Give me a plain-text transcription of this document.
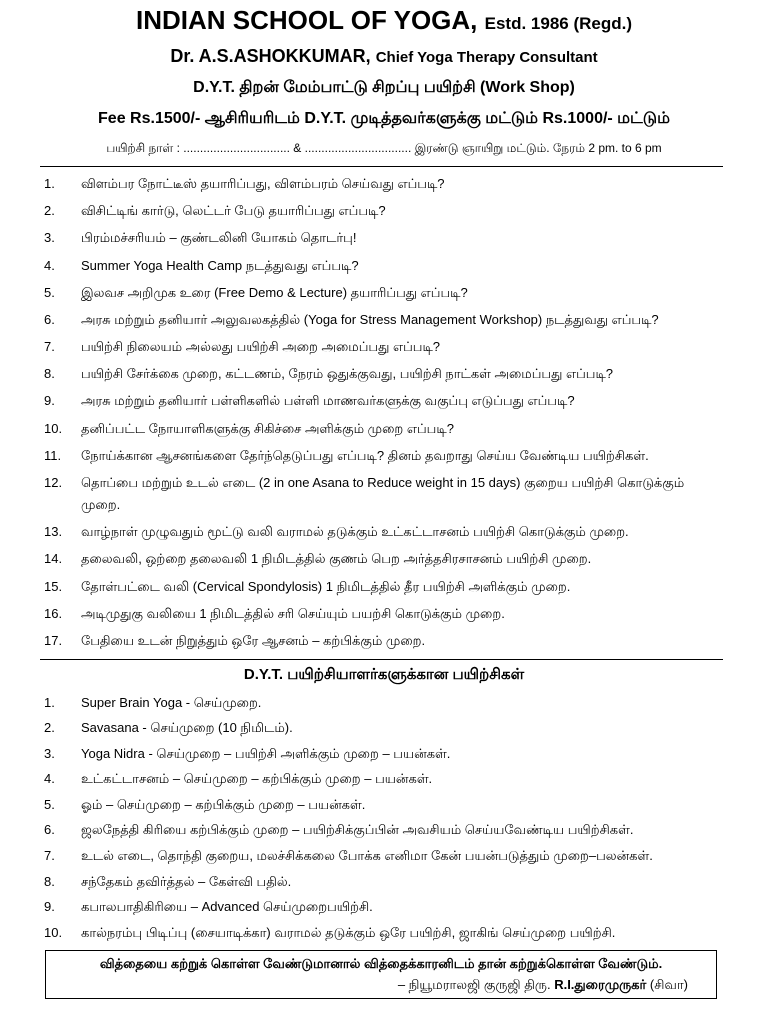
INDIAN SCHOOL OF YOGA, Estd. 1986 (Regd.)
Dr. A.S.ASHOKKUMAR, Chief Yoga Therapy Consultant
D.Y.T. திறன் மேம்பாட்டு சிறப்பு பயிற்சி (Work Shop)
Fee Rs.1500/- ஆசிரியரிடம் D.Y.T. முடித்தவர்களுக்கு மட்டும் Rs.1000/- மட்டும்
பயிற்சி நாள் : ................................ & ................................ இரண்டு ஞாயிறு மட்டும். நேரம் 2 pm. to 6 pm
1. விளம்பர நோட்டீஸ் தயாரிப்பது, விளம்பரம் செய்வது எப்படி?
2. விசிட்டிங் கார்டு, லெட்டர் பேடு தயாரிப்பது எப்படி?
3. பிரம்மச்சரியம் – குண்டலினி யோகம் தொடர்பு!
4. Summer Yoga Health Camp நடத்துவது எப்படி?
5. இலவச அறிமுக உரை (Free Demo & Lecture) தயாரிப்பது எப்படி?
6. அரசு மற்றும் தனியார் அலுவலகத்தில் (Yoga for Stress Management Workshop) நடத்துவது எப்படி?
7. பயிற்சி நிலையம் அல்லது பயிற்சி அறை அமைப்பது எப்படி?
8. பயிற்சி சேர்க்கை முறை, கட்டணம், நேரம் ஒதுக்குவது, பயிற்சி நாட்கள் அமைப்பது எப்படி?
9. அரசு மற்றும் தனியார் பள்ளிகளில் பள்ளி மாணவர்களுக்கு வகுப்பு எடுப்பது எப்படி?
10. தனிப்பட்ட நோயாளிகளுக்கு சிகிச்சை அளிக்கும் முறை எப்படி?
11. நோய்க்கான ஆசனங்களை தேர்ந்தெடுப்பது எப்படி? தினம் தவறாது செய்ய வேண்டிய பயிற்சிகள்.
12. தொப்பை மற்றும் உடல் எடை (2 in one Asana to Reduce weight in 15 days) குறைய பயிற்சி கொடுக்கும் முறை.
13. வாழ்நாள் முழுவதும் மூட்டு வலி வராமல் தடுக்கும் உட்கட்டாசனம் பயிற்சி கொடுக்கும் முறை.
14. தலைவலி, ஒற்றை தலைவலி 1 நிமிடத்தில் குணம் பெற அர்த்தசிரசாசனம் பயிற்சி முறை.
15. தோள்பட்டை வலி (Cervical Spondylosis) 1 நிமிடத்தில் தீர பயிற்சி அளிக்கும் முறை.
16. அடிமுதுகு வலியை 1 நிமிடத்தில் சரி செய்யும் பயற்சி கொடுக்கும் முறை.
17. பேதியை உடன் நிறுத்தும் ஒரே ஆசனம் – கற்பிக்கும் முறை.
D.Y.T. பயிற்சியாளர்களுக்கான பயிற்சிகள்
1. Super Brain Yoga - செய்முறை.
2. Savasana - செய்முறை (10 நிமிடம்).
3. Yoga Nidra - செய்முறை – பயிற்சி அளிக்கும் முறை – பயன்கள்.
4. உட்கட்டாசனம் – செய்முறை – கற்பிக்கும் முறை – பயன்கள்.
5. ஓம் – செய்முறை – கற்பிக்கும் முறை – பயன்கள்.
6. ஜலநேத்தி கிரியை கற்பிக்கும் முறை – பயிற்சிக்குப்பின் அவசியம் செய்யவேண்டிய பயிற்சிகள்.
7. உடல் எடை, தொந்தி குறைய, மலச்சிக்கலை போக்க எனிமா கேன் பயன்படுத்தும் முறை–பலன்கள்.
8. சந்தேகம் தவிர்த்தல் – கேள்வி பதில்.
9. கபாலபாதிகிரியை – Advanced செய்முறைபயிற்சி.
10. கால்நரம்பு பிடிப்பு (சையாடிக்கா) வராமல் தடுக்கும் ஒரே பயிற்சி, ஜாகிங் செய்முறை பயிற்சி.
வித்தையை கற்றுக் கொள்ள வேண்டுமானால் வித்தைக்காரனிடம் தான் கற்றுக்கொள்ள வேண்டும்.
– நியூமராலஜி குருஜி திரு. R.I.துரைமுருகர் (சிவா)
